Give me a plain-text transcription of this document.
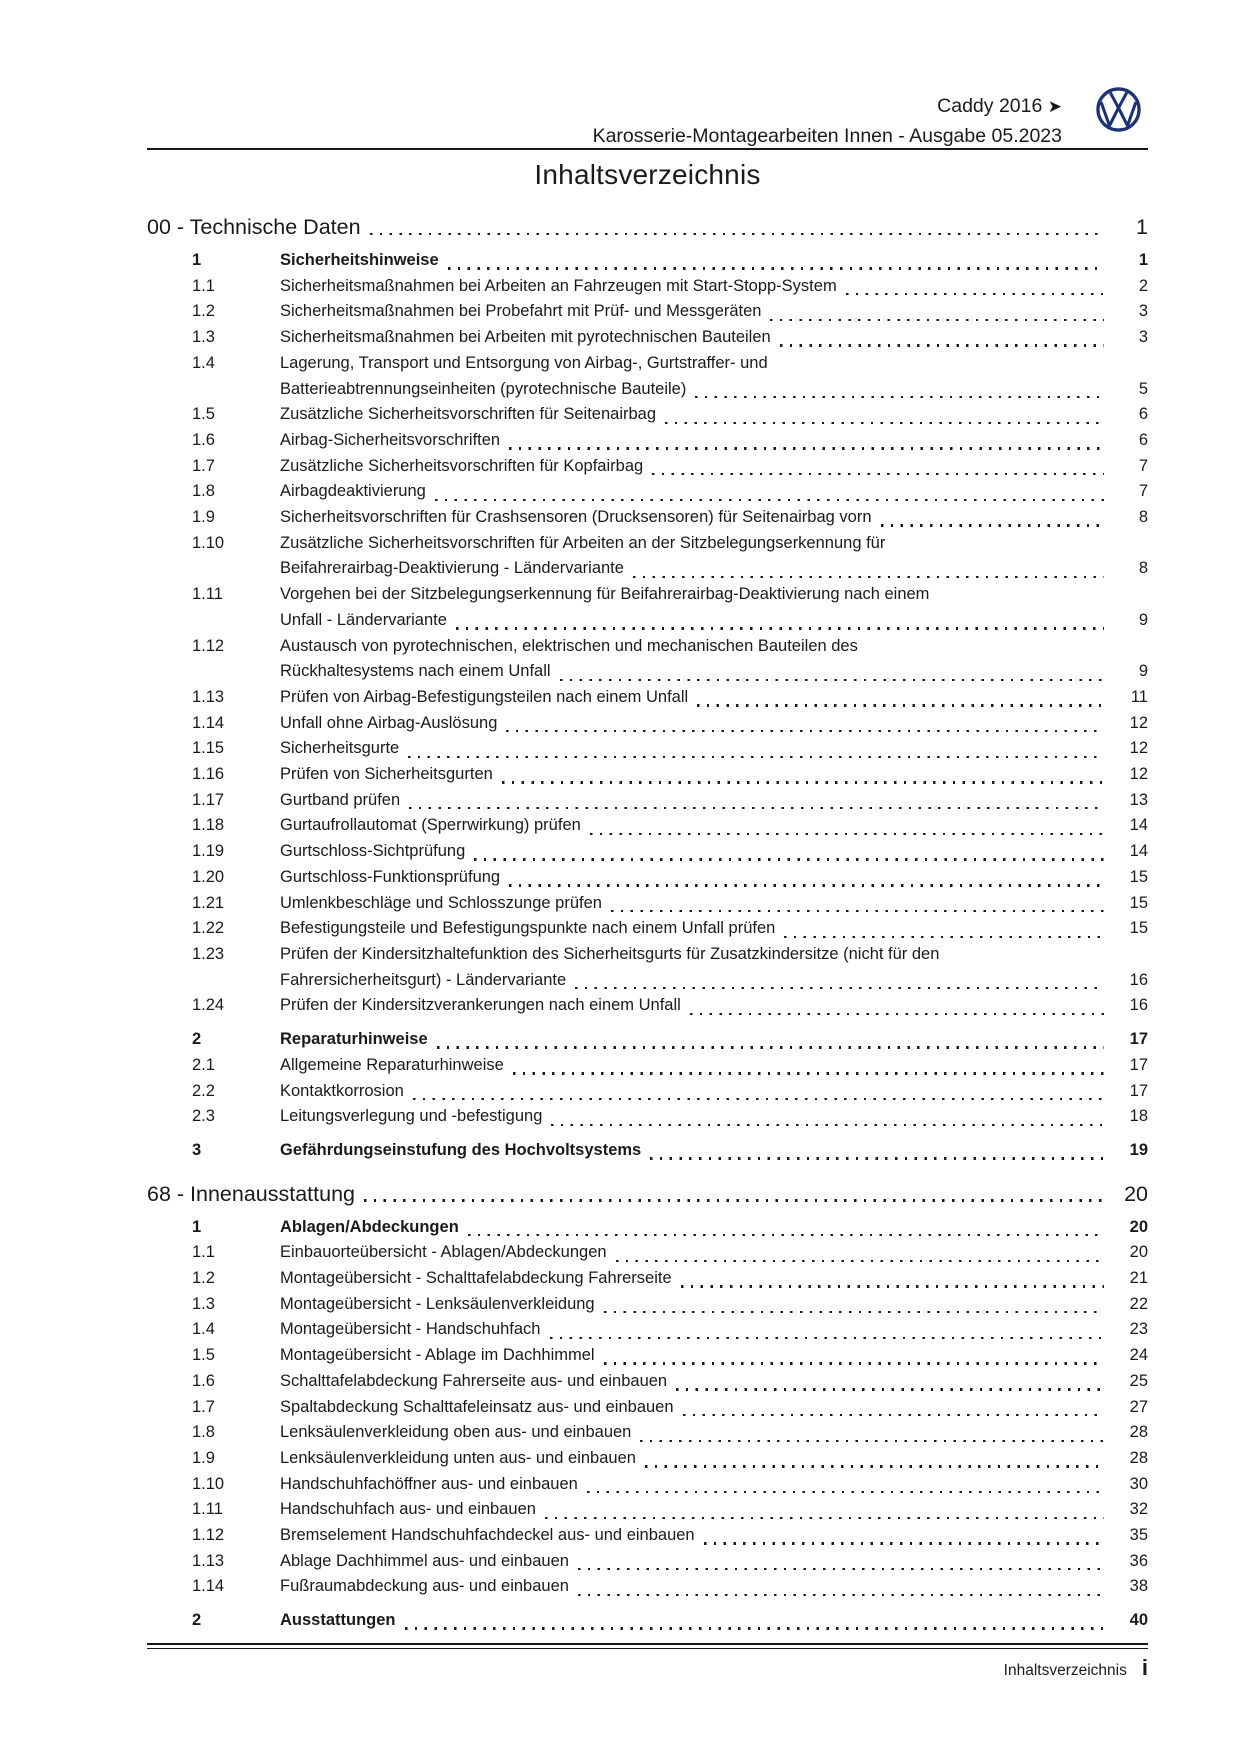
Caddy 2016 ➤
Karosserie-Montagearbeiten Innen - Ausgabe 05.2023
Inhaltsverzeichnis
00 - Technische Daten	1
1	Sicherheitshinweise	1
1.1	Sicherheitsmaßnahmen bei Arbeiten an Fahrzeugen mit Start-Stopp-System	2
1.2	Sicherheitsmaßnahmen bei Probefahrt mit Prüf- und Messgeräten	3
1.3	Sicherheitsmaßnahmen bei Arbeiten mit pyrotechnischen Bauteilen	3
1.4	Lagerung, Transport und Entsorgung von Airbag-, Gurtstraffer- und
Batterieabtrennungseinheiten (pyrotechnische Bauteile)	5
1.5	Zusätzliche Sicherheitsvorschriften für Seitenairbag	6
1.6	Airbag-Sicherheitsvorschriften	6
1.7	Zusätzliche Sicherheitsvorschriften für Kopfairbag	7
1.8	Airbagdeaktivierung	7
1.9	Sicherheitsvorschriften für Crashsensoren (Drucksensoren) für Seitenairbag vorn	8
1.10	Zusätzliche Sicherheitsvorschriften für Arbeiten an der Sitzbelegungserkennung für
Beifahrerairbag-Deaktivierung - Ländervariante	8
1.11	Vorgehen bei der Sitzbelegungserkennung für Beifahrerairbag-Deaktivierung nach einem
Unfall - Ländervariante	9
1.12	Austausch von pyrotechnischen, elektrischen und mechanischen Bauteilen des
Rückhaltesystems nach einem Unfall	9
1.13	Prüfen von Airbag-Befestigungsteilen nach einem Unfall	11
1.14	Unfall ohne Airbag-Auslösung	12
1.15	Sicherheitsgurte	12
1.16	Prüfen von Sicherheitsgurten	12
1.17	Gurtband prüfen	13
1.18	Gurtaufrollautomat (Sperrwirkung) prüfen	14
1.19	Gurtschloss-Sichtprüfung	14
1.20	Gurtschloss-Funktionsprüfung	15
1.21	Umlenkbeschläge und Schlosszunge prüfen	15
1.22	Befestigungsteile und Befestigungspunkte nach einem Unfall prüfen	15
1.23	Prüfen der Kindersitzhaltefunktion des Sicherheitsgurts für Zusatzkindersitze (nicht für den
Fahrersicherheitsgurt) - Ländervariante	16
1.24	Prüfen der Kindersitzverankerungen nach einem Unfall	16
2	Reparaturhinweise	17
2.1	Allgemeine Reparaturhinweise	17
2.2	Kontaktkorrosion	17
2.3	Leitungsverlegung und -befestigung	18
3	Gefährdungseinstufung des Hochvoltsystems	19
68 - Innenausstattung	20
1	Ablagen/Abdeckungen	20
1.1	Einbauorteübersicht - Ablagen/Abdeckungen	20
1.2	Montageübersicht - Schalttafelabdeckung Fahrerseite	21
1.3	Montageübersicht - Lenksäulenverkleidung	22
1.4	Montageübersicht - Handschuhfach	23
1.5	Montageübersicht - Ablage im Dachhimmel	24
1.6	Schalttafelabdeckung Fahrerseite aus- und einbauen	25
1.7	Spaltabdeckung Schalttafeleinsatz aus- und einbauen	27
1.8	Lenksäulenverkleidung oben aus- und einbauen	28
1.9	Lenksäulenverkleidung unten aus- und einbauen	28
1.10	Handschuhfachöffner aus- und einbauen	30
1.11	Handschuhfach aus- und einbauen	32
1.12	Bremselement Handschuhfachdeckel aus- und einbauen	35
1.13	Ablage Dachhimmel aus- und einbauen	36
1.14	Fußraumabdeckung aus- und einbauen	38
2	Ausstattungen	40
Inhaltsverzeichnis i
